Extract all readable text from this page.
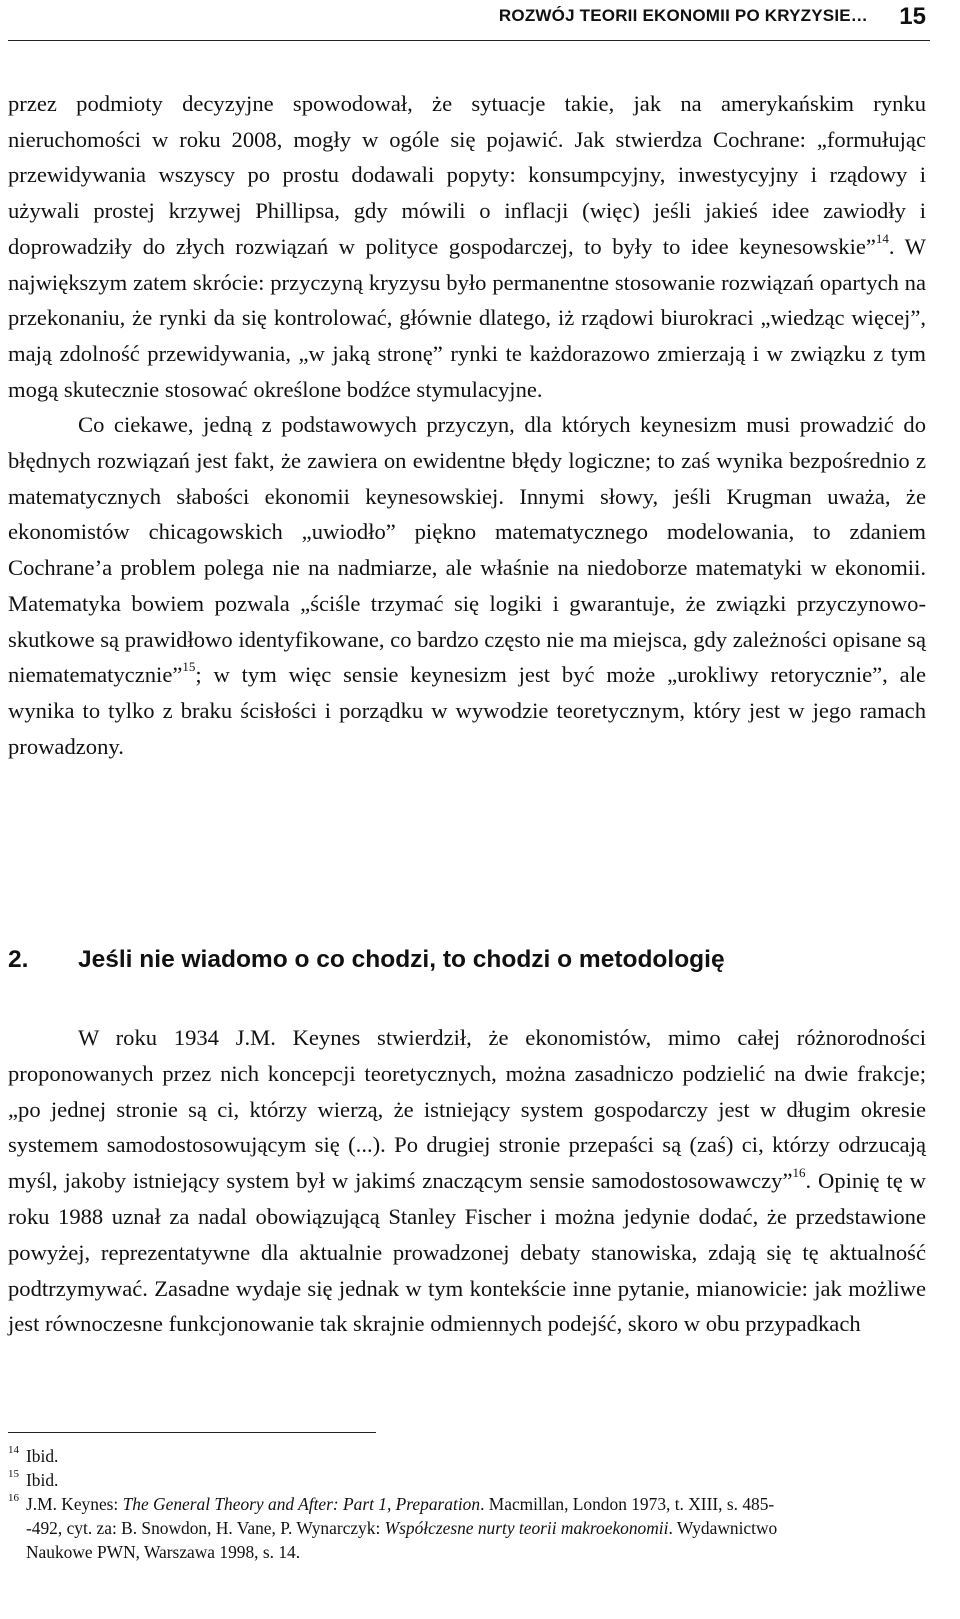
ROZWÓJ TEORII EKONOMII PO KRYZYSIE… 15

przez podmioty decyzyjne spowodował, że sytuacje takie, jak na amerykańskim rynku nieruchomości w roku 2008, mogły w ogóle się pojawić. Jak stwierdza Cochrane: „formułując przewidywania wszyscy po prostu dodawali popyty: konsumpcyjny, inwestycyjny i rządowy i używali prostej krzywej Phillipsa, gdy mówili o inflacji (więc) jeśli jakieś idee zawiodły i doprowadziły do złych rozwiązań w polityce gospodarczej, to były to idee keynesowskie”$^{14}$. W największym zatem skrócie: przyczyną kryzysu było permanentne stosowanie rozwiązań opartych na przekonaniu, że rynki da się kontrolować, głównie dlatego, iż rządowi biurokraci „wiedząc więcej”, mają zdolność przewidywania, „w jaką stronę” rynki te każdorazowo zmierzają i w związku z tym mogą skutecznie stosować określone bodźce stymulacyjne.

Co ciekawe, jedną z podstawowych przyczyn, dla których keynesizm musi prowadzić do błędnych rozwiązań jest fakt, że zawiera on ewidentne błędy logiczne; to zaś wynika bezpośrednio z matematycznych słabości ekonomii keynesowskiej. Innymi słowy, jeśli Krugman uważa, że ekonomistów chicagowskich „uwiodło” piękno matematycznego modelowania, to zdaniem Cochrane’a problem polega nie na nadmiarze, ale właśnie na niedoborze matematyki w ekonomii. Matematyka bowiem pozwala „ściśle trzymać się logiki i gwarantuje, że związki przyczynowo-skutkowe są prawidłowo identyfikowane, co bardzo często nie ma miejsca, gdy zależności opisane są niematematycznie”$^{15}$; w tym więc sensie keynesizm jest być może „urokliwy retorycznie”, ale wynika to tylko z braku ścisłości i porządku w wywodzie teoretycznym, który jest w jego ramach prowadzony.

2. Jeśli nie wiadomo o co chodzi, to chodzi o metodologię

W roku 1934 J.M. Keynes stwierdził, że ekonomistów, mimo całej różnorodności proponowanych przez nich koncepcji teoretycznych, można zasadniczo podzielić na dwie frakcje; „po jednej stronie są ci, którzy wierzą, że istniejący system gospodarczy jest w długim okresie systemem samodostosowującym się (...). Po drugiej stronie przepaści są (zaś) ci, którzy odrzucają myśl, jakoby istniejący system był w jakimś znaczącym sensie samodostosowawczy”$^{16}$. Opinię tę w roku 1988 uznał za nadal obowiązującą Stanley Fischer i można jedynie dodać, że przedstawione powyżej, reprezentatywne dla aktualnie prowadzonej debaty stanowiska, zdają się tę aktualność podtrzymywać. Zasadne wydaje się jednak w tym kontekście inne pytanie, mianowicie: jak możliwe jest równoczesne funkcjonowanie tak skrajnie odmiennych podejść, skoro w obu przypadkach

14 Ibid.
15 Ibid.
16 J.M. Keynes: The General Theory and After: Part 1, Preparation. Macmillan, London 1973, t. XIII, s. 485-
-492, cyt. za: B. Snowdon, H. Vane, P. Wynarczyk: Współczesne nurty teorii makroekonomii. Wydawnictwo
Naukowe PWN, Warszawa 1998, s. 14.
